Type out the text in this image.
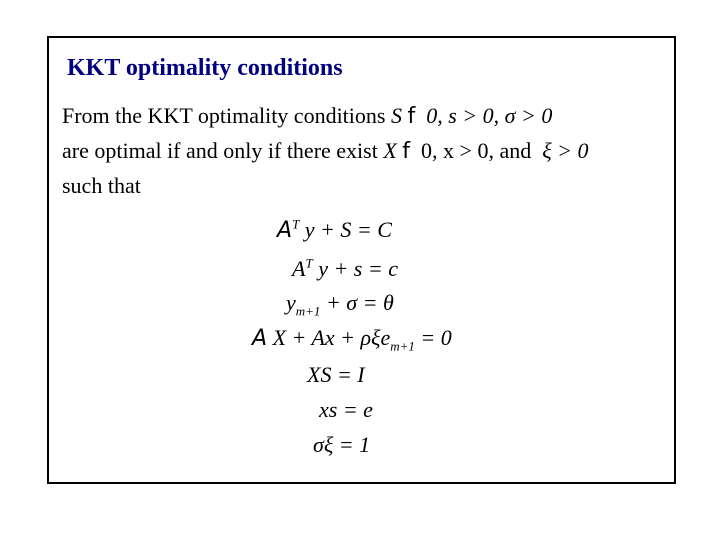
KKT optimality conditions
From the KKT optimality conditions S f 0, s > 0, σ > 0
are optimal if and only if there exist X f 0, x > 0, and ξ > 0
such that
$A^T$ y + S = C
$A^T$ y + s = c
$y_{m+1} + \sigma = \theta$
A X + Ax + ρξe$_{m+1}$ = 0
XS = I
xs = e
σξ = 1
